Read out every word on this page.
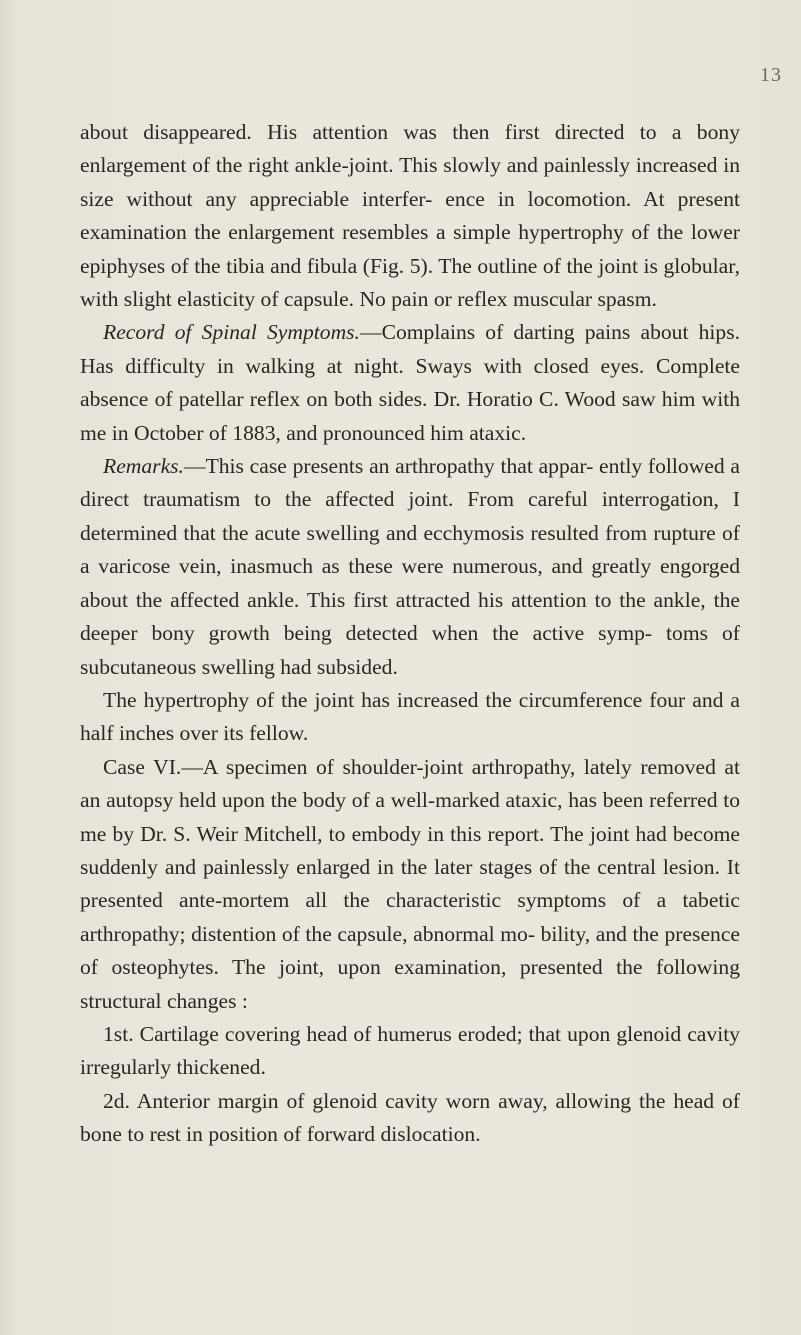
13

about disappeared. His attention was then first directed to a bony enlargement of the right ankle-joint. This slowly and painlessly increased in size without any appreciable interfer- ence in locomotion. At present examination the enlargement resembles a simple hypertrophy of the lower epiphyses of the tibia and fibula (Fig. 5). The outline of the joint is globular, with slight elasticity of capsule. No pain or reflex muscular spasm.

Record of Spinal Symptoms.—Complains of darting pains about hips. Has difficulty in walking at night. Sways with closed eyes. Complete absence of patellar reflex on both sides. Dr. Horatio C. Wood saw him with me in October of 1883, and pronounced him ataxic.

Remarks.—This case presents an arthropathy that appar- ently followed a direct traumatism to the affected joint. From careful interrogation, I determined that the acute swelling and ecchymosis resulted from rupture of a varicose vein, inasmuch as these were numerous, and greatly engorged about the affected ankle. This first attracted his attention to the ankle, the deeper bony growth being detected when the active symp- toms of subcutaneous swelling had subsided.

The hypertrophy of the joint has increased the circumference four and a half inches over its fellow.

Case VI.—A specimen of shoulder-joint arthropathy, lately removed at an autopsy held upon the body of a well-marked ataxic, has been referred to me by Dr. S. Weir Mitchell, to embody in this report. The joint had become suddenly and painlessly enlarged in the later stages of the central lesion. It presented ante-mortem all the characteristic symptoms of a tabetic arthropathy; distention of the capsule, abnormal mo- bility, and the presence of osteophytes. The joint, upon examination, presented the following structural changes :

1st. Cartilage covering head of humerus eroded; that upon glenoid cavity irregularly thickened.

2d. Anterior margin of glenoid cavity worn away, allowing the head of bone to rest in position of forward dislocation.
